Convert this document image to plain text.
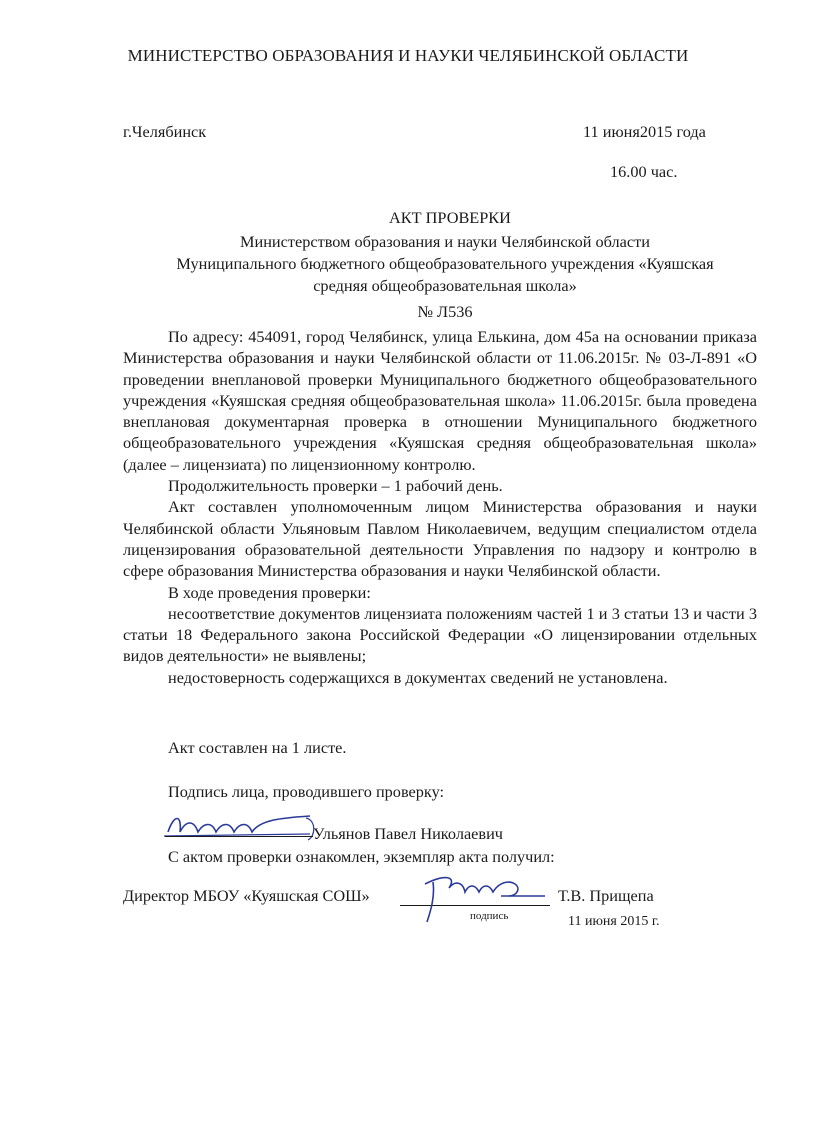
МИНИСТЕРСТВО ОБРАЗОВАНИЯ И НАУКИ ЧЕЛЯБИНСКОЙ ОБЛАСТИ
г.Челябинск	11 июня2015 года
16.00 час.
АКТ ПРОВЕРКИ
Министерством образования и науки Челябинской области
Муниципального бюджетного общеобразовательного учреждения «Куяшская
средняя общеобразовательная школа»
№ Л536

По адресу: 454091, город Челябинск, улица Елькина, дом 45а на основании приказа Министерства образования и науки Челябинской области от 11.06.2015г. № 03-Л-891 «О проведении внеплановой проверки Муниципального бюджетного общеобразовательного учреждения «Куяшская средняя общеобразовательная школа» 11.06.2015г. была проведена внеплановая документарная проверка в отношении Муниципального бюджетного общеобразовательного учреждения «Куяшская средняя общеобразовательная школа» (далее – лицензиата) по лицензионному контролю.

Продолжительность проверки – 1 рабочий день.

Акт составлен уполномоченным лицом Министерства образования и науки Челябинской области Ульяновым Павлом Николаевичем, ведущим специалистом отдела лицензирования образовательной деятельности Управления по надзору и контролю в сфере образования Министерства образования и науки Челябинской области.

В ходе проведения проверки:

несоответствие документов лицензиата положениям частей 1 и 3 статьи 13 и части 3 статьи 18 Федерального закона Российской Федерации «О лицензировании отдельных видов деятельности» не выявлены;

недостоверность содержащихся в документах сведений не установлена.

Акт составлен на 1 листе.
Подпись лица, проводившего проверку:
Ульянов Павел Николаевич
С актом проверки ознакомлен, экземпляр акта получил:
Директор МБОУ «Куяшская СОШ»	Т.В. Прищепа
подпись	11 июня 2015 г.
